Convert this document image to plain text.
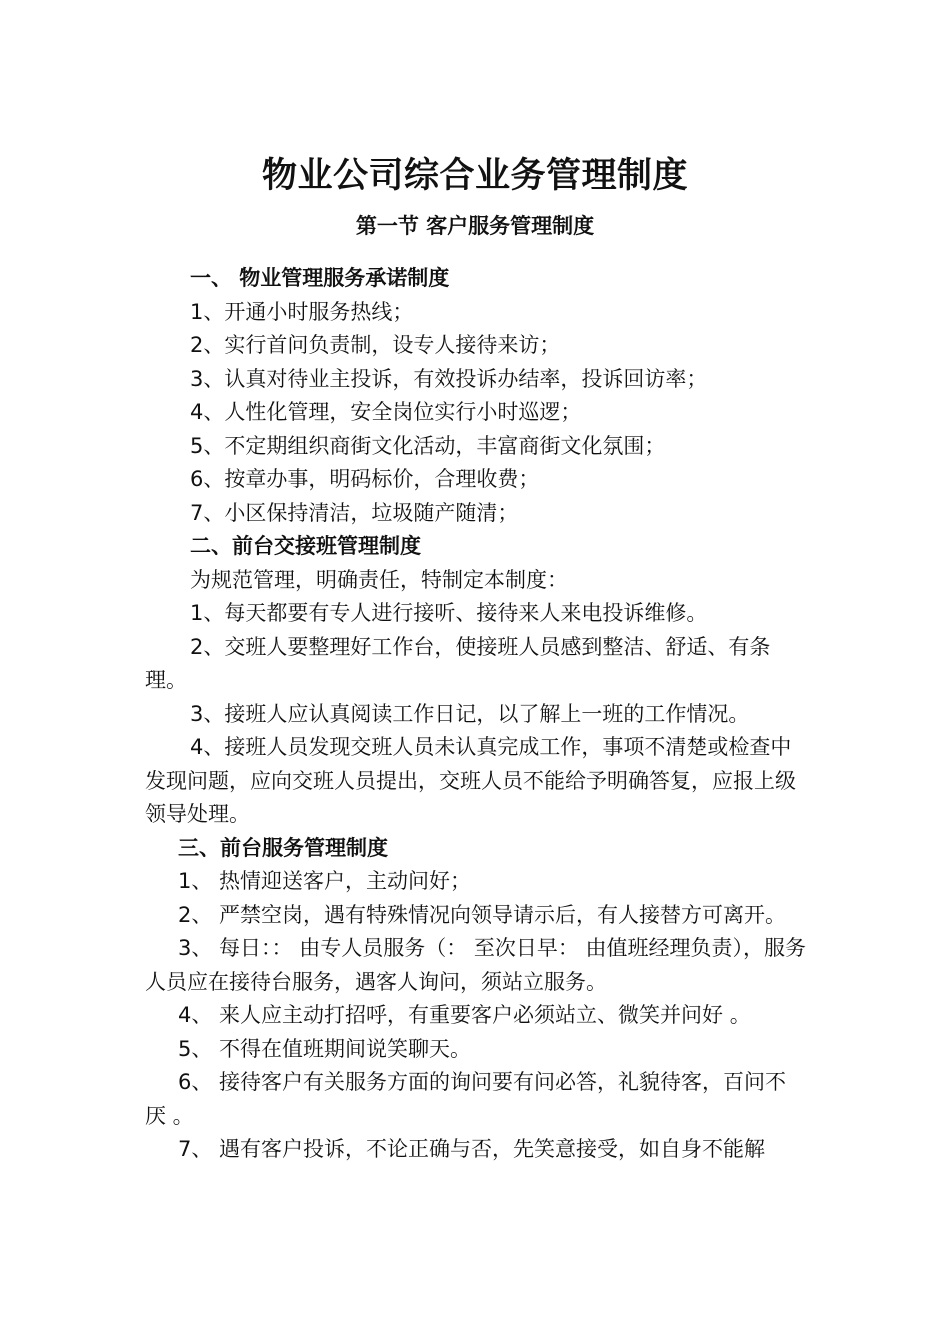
物业公司综合业务管理制度
第一节 客户服务管理制度

一、 物业管理服务承诺制度

1、开通小时服务热线；

2、实行首问负责制，设专人接待来访；

3、认真对待业主投诉，有效投诉办结率，投诉回访率；

4、人性化管理，安全岗位实行小时巡逻；

5、不定期组织商街文化活动，丰富商街文化氛围；

6、按章办事，明码标价，合理收费；

7、小区保持清洁，垃圾随产随清；

二、前台交接班管理制度

为规范管理，明确责任，特制定本制度：

1、每天都要有专人进行接听、接待来人来电投诉维修。

2、交班人要整理好工作台，使接班人员感到整洁、舒适、有条理。

3、接班人应认真阅读工作日记，以了解上一班的工作情况。

4、接班人员发现交班人员未认真完成工作，事项不清楚或检查中发现问题，应向交班人员提出，交班人员不能给予明确答复，应报上级领导处理。

三、前台服务管理制度

1、 热情迎送客户，主动问好；

2、 严禁空岗，遇有特殊情况向领导请示后，有人接替方可离开。

3、 每日：： 由专人员服务（： 至次日早： 由值班经理负责），服务人员应在接待台服务，遇客人询问，须站立服务。

4、 来人应主动打招呼，有重要客户必须站立、微笑并问好 。

5、 不得在值班期间说笑聊天。

6、 接待客户有关服务方面的询问要有问必答，礼貌待客，百问不厌 。

7、 遇有客户投诉，不论正确与否，先笑意接受，如自身不能解
